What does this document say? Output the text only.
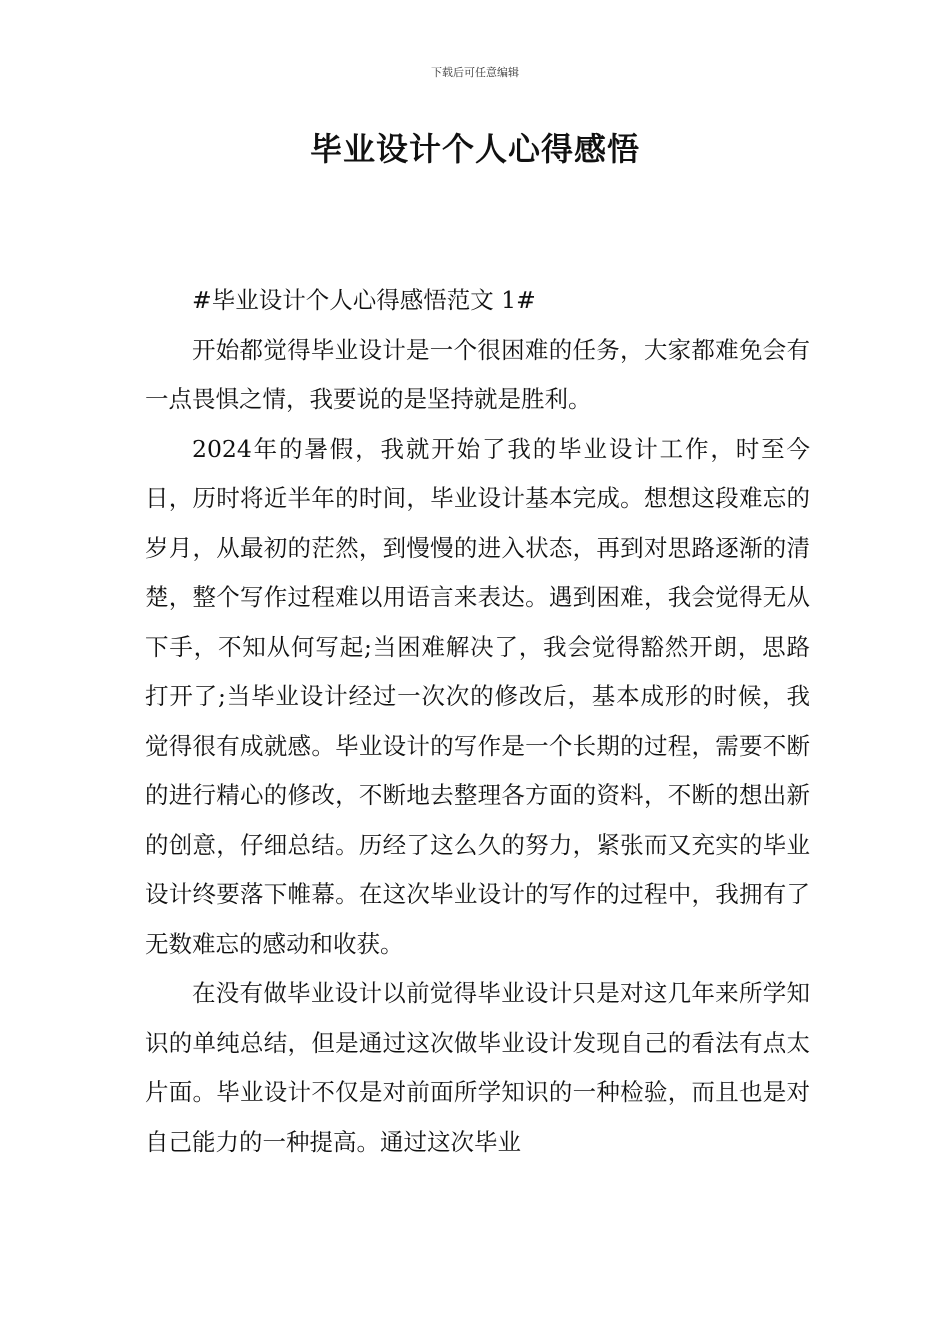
下载后可任意编辑
毕业设计个人心得感悟

#毕业设计个人心得感悟范文 1#

开始都觉得毕业设计是一个很困难的任务，大家都难免会有一点畏惧之情，我要说的是坚持就是胜利。

2024年的暑假，我就开始了我的毕业设计工作，时至今日，历时将近半年的时间，毕业设计基本完成。想想这段难忘的岁月，从最初的茫然，到慢慢的进入状态，再到对思路逐渐的清楚，整个写作过程难以用语言来表达。遇到困难，我会觉得无从下手，不知从何写起;当困难解决了，我会觉得豁然开朗，思路打开了;当毕业设计经过一次次的修改后，基本成形的时候，我觉得很有成就感。毕业设计的写作是一个长期的过程，需要不断的进行精心的修改，不断地去整理各方面的资料，不断的想出新的创意，仔细总结。历经了这么久的努力，紧张而又充实的毕业设计终要落下帷幕。在这次毕业设计的写作的过程中，我拥有了无数难忘的感动和收获。

在没有做毕业设计以前觉得毕业设计只是对这几年来所学知识的单纯总结，但是通过这次做毕业设计发现自己的看法有点太片面。毕业设计不仅是对前面所学知识的一种检验，而且也是对自己能力的一种提高。通过这次毕业
